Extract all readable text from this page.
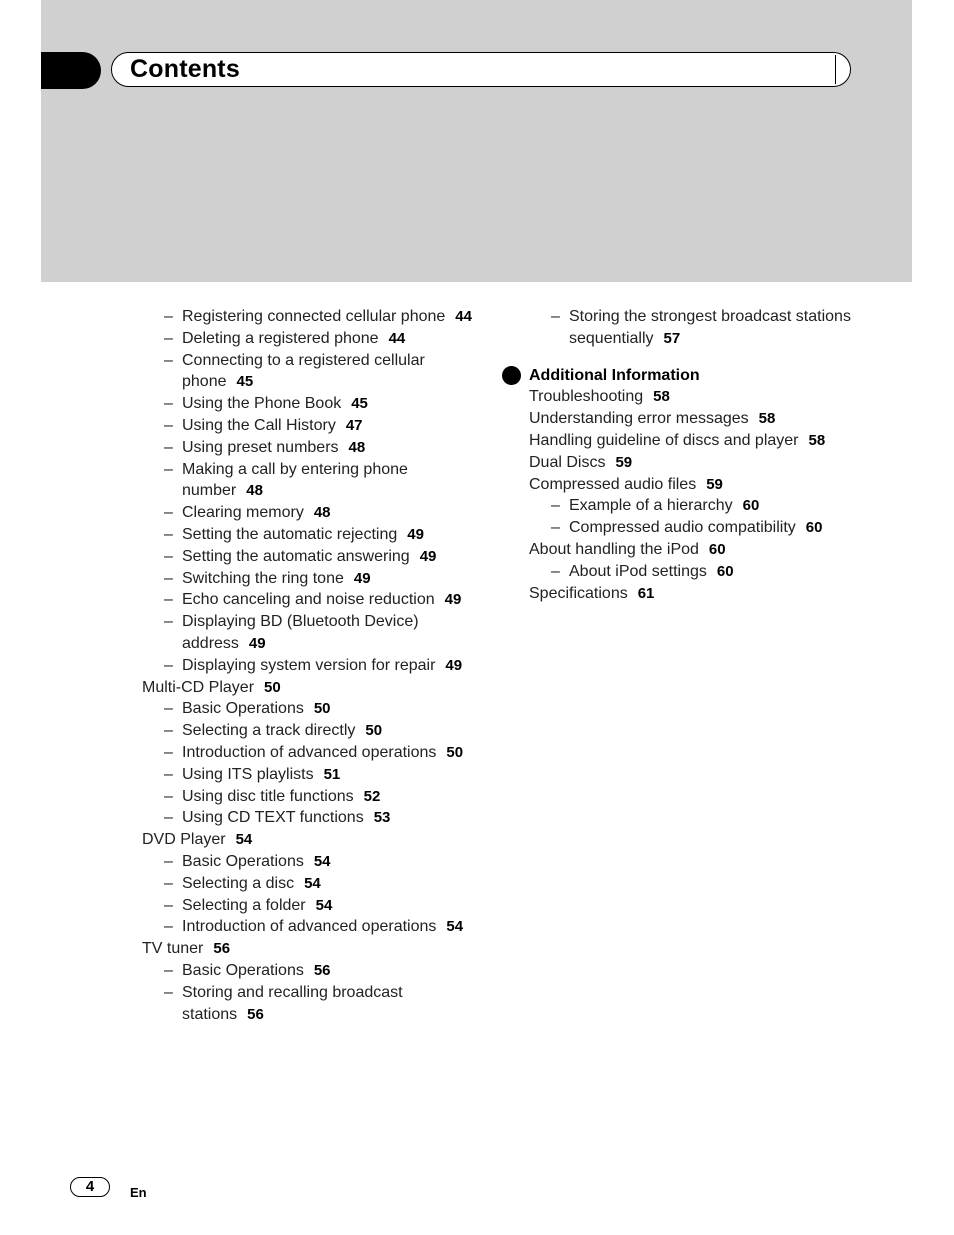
Contents
– Registering connected cellular phone 44
– Deleting a registered phone 44
– Connecting to a registered cellular phone 45
– Using the Phone Book 45
– Using the Call History 47
– Using preset numbers 48
– Making a call by entering phone number 48
– Clearing memory 48
– Setting the automatic rejecting 49
– Setting the automatic answering 49
– Switching the ring tone 49
– Echo canceling and noise reduction 49
– Displaying BD (Bluetooth Device) address 49
– Displaying system version for repair 49
Multi-CD Player 50
– Basic Operations 50
– Selecting a track directly 50
– Introduction of advanced operations 50
– Using ITS playlists 51
– Using disc title functions 52
– Using CD TEXT functions 53
DVD Player 54
– Basic Operations 54
– Selecting a disc 54
– Selecting a folder 54
– Introduction of advanced operations 54
TV tuner 56
– Basic Operations 56
– Storing and recalling broadcast stations 56
– Storing the strongest broadcast stations sequentially 57
Additional Information
Troubleshooting 58
Understanding error messages 58
Handling guideline of discs and player 58
Dual Discs 59
Compressed audio files 59
– Example of a hierarchy 60
– Compressed audio compatibility 60
About handling the iPod 60
– About iPod settings 60
Specifications 61
4	En
